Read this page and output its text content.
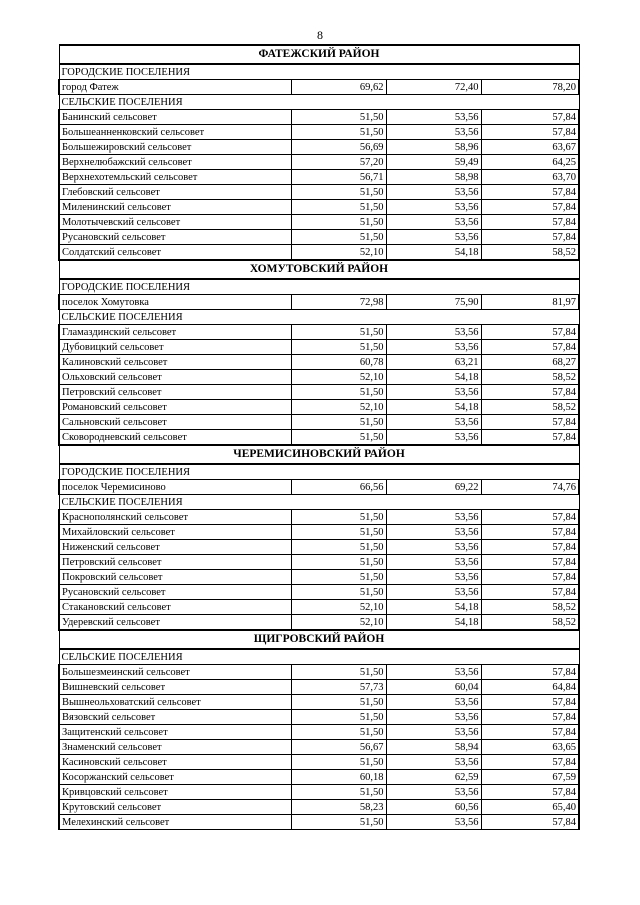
8
ФАТЕЖСКИЙ РАЙОН			
ГОРОДСКИЕ ПОСЕЛЕНИЯ			
город Фатеж	69,62	72,40	78,20
СЕЛЬСКИЕ ПОСЕЛЕНИЯ			
Банинский сельсовет	51,50	53,56	57,84
Большеанненковский сельсовет	51,50	53,56	57,84
Большежировский сельсовет	56,69	58,96	63,67
Верхнелюбажский сельсовет	57,20	59,49	64,25
Верхнехотемльский сельсовет	56,71	58,98	63,70
Глебовский сельсовет	51,50	53,56	57,84
Миленинский сельсовет	51,50	53,56	57,84
Молотычевский сельсовет	51,50	53,56	57,84
Русановский сельсовет	51,50	53,56	57,84
Солдатский сельсовет	52,10	54,18	58,52
ХОМУТОВСКИЙ РАЙОН			
ГОРОДСКИЕ ПОСЕЛЕНИЯ			
поселок Хомутовка	72,98	75,90	81,97
СЕЛЬСКИЕ ПОСЕЛЕНИЯ			
Гламаздинский сельсовет	51,50	53,56	57,84
Дубовицкий сельсовет	51,50	53,56	57,84
Калиновский сельсовет	60,78	63,21	68,27
Ольховский сельсовет	52,10	54,18	58,52
Петровский сельсовет	51,50	53,56	57,84
Романовский сельсовет	52,10	54,18	58,52
Сальновский сельсовет	51,50	53,56	57,84
Сковородневский сельсовет	51,50	53,56	57,84
ЧЕРЕМИСИНОВСКИЙ РАЙОН			
ГОРОДСКИЕ ПОСЕЛЕНИЯ			
поселок Черемисиново	66,56	69,22	74,76
СЕЛЬСКИЕ ПОСЕЛЕНИЯ			
Краснополянский сельсовет	51,50	53,56	57,84
Михайловский сельсовет	51,50	53,56	57,84
Ниженский сельсовет	51,50	53,56	57,84
Петровский сельсовет	51,50	53,56	57,84
Покровский сельсовет	51,50	53,56	57,84
Русановский сельсовет	51,50	53,56	57,84
Стакановский сельсовет	52,10	54,18	58,52
Удеревский сельсовет	52,10	54,18	58,52
ЩИГРОВСКИЙ РАЙОН			
СЕЛЬСКИЕ ПОСЕЛЕНИЯ			
Большезмеинский сельсовет	51,50	53,56	57,84
Вишневский сельсовет	57,73	60,04	64,84
Вышнеольховатский сельсовет	51,50	53,56	57,84
Вязовский сельсовет	51,50	53,56	57,84
Защитенский сельсовет	51,50	53,56	57,84
Знаменский сельсовет	56,67	58,94	63,65
Касиновский сельсовет	51,50	53,56	57,84
Косоржанский сельсовет	60,18	62,59	67,59
Кривцовский сельсовет	51,50	53,56	57,84
Крутовский сельсовет	58,23	60,56	65,40
Мелехинский сельсовет	51,50	53,56	57,84
